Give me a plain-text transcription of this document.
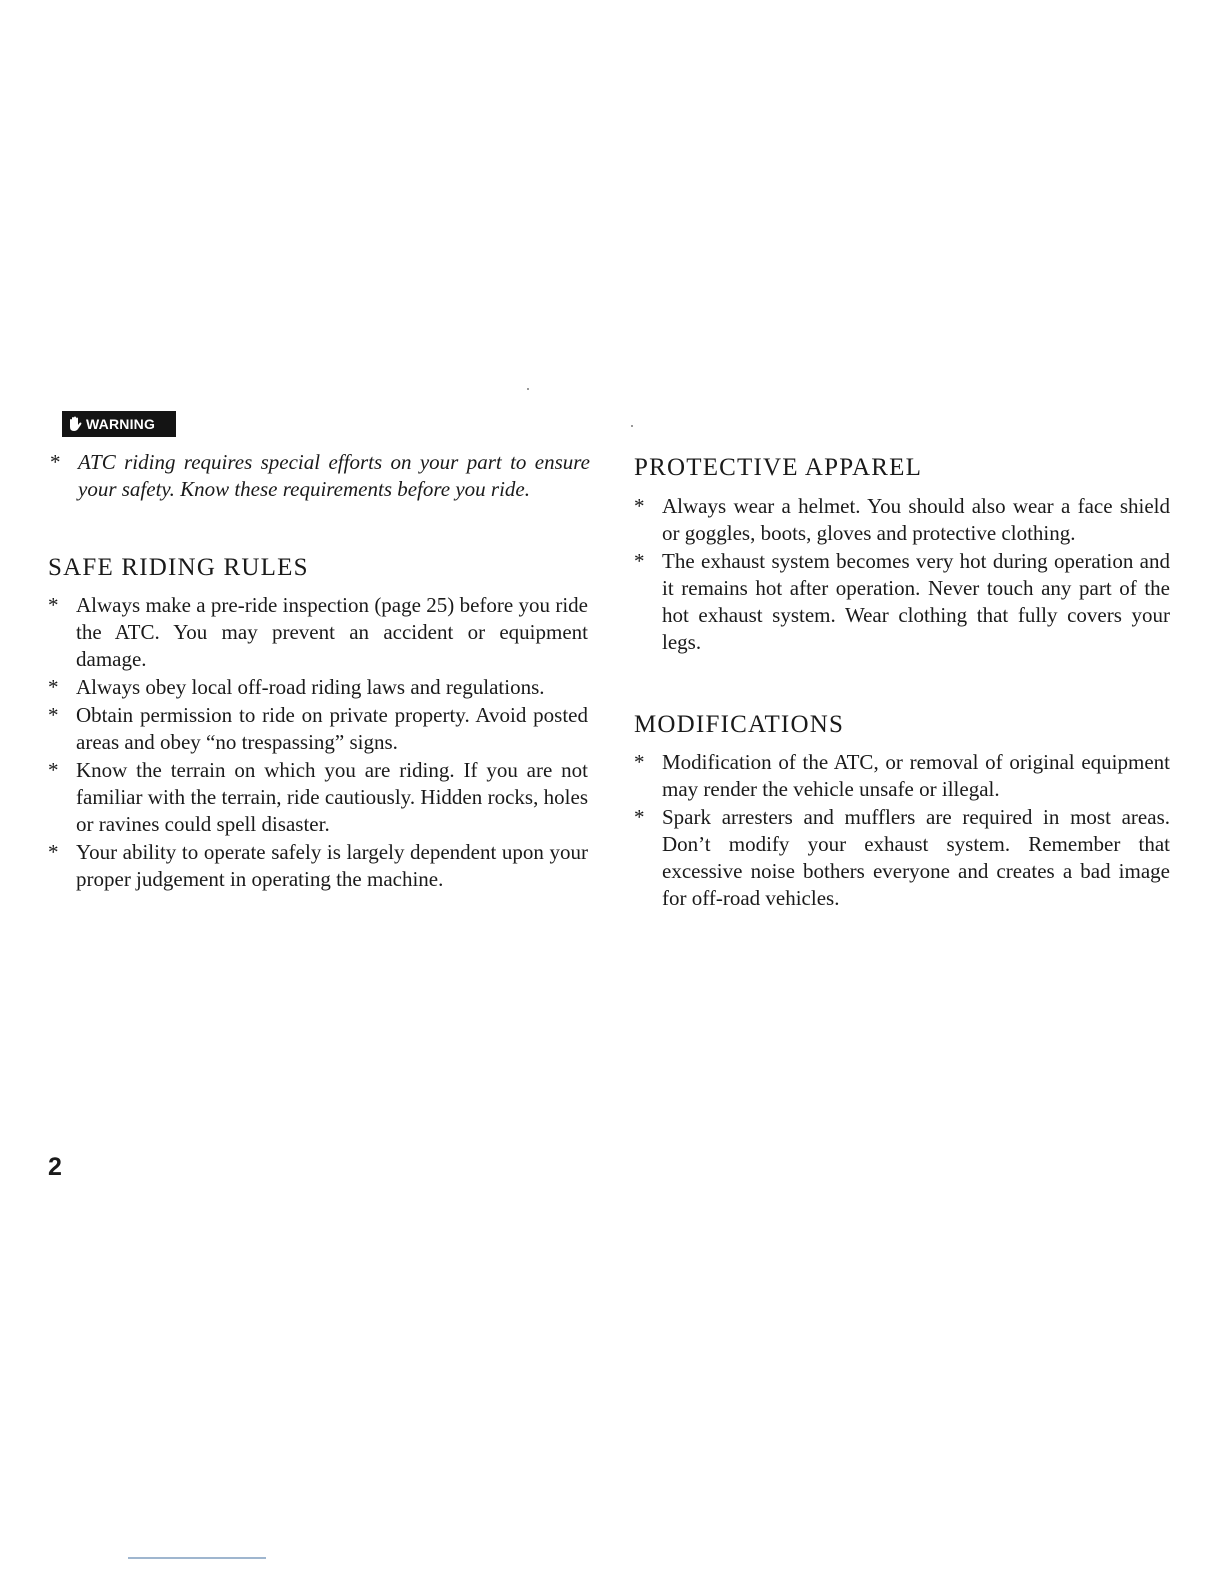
WARNING
* ATC riding requires special efforts on your part to ensure your safety. Know these requirements before you ride.
SAFE RIDING RULES
* Always make a pre-ride inspection (page 25) before you ride the ATC. You may prevent an accident or equipment damage.
* Always obey local off-road riding laws and regulations.
* Obtain permission to ride on private property. Avoid posted areas and obey “no trespassing” signs.
* Know the terrain on which you are riding. If you are not familiar with the terrain, ride cautiously. Hidden rocks, holes or ravines could spell disaster.
* Your ability to operate safely is largely dependent upon your proper judgement in operating the machine.
PROTECTIVE APPAREL
* Always wear a helmet. You should also wear a face shield or goggles, boots, gloves and protective clothing.
* The exhaust system becomes very hot during operation and it remains hot after operation. Never touch any part of the hot exhaust system. Wear clothing that fully covers your legs.
MODIFICATIONS
* Modification of the ATC, or removal of original equipment may render the vehicle unsafe or illegal.
* Spark arresters and mufflers are required in most areas. Don’t modify your exhaust system. Remember that excessive noise bothers everyone and creates a bad image for off-road vehicles.
2
